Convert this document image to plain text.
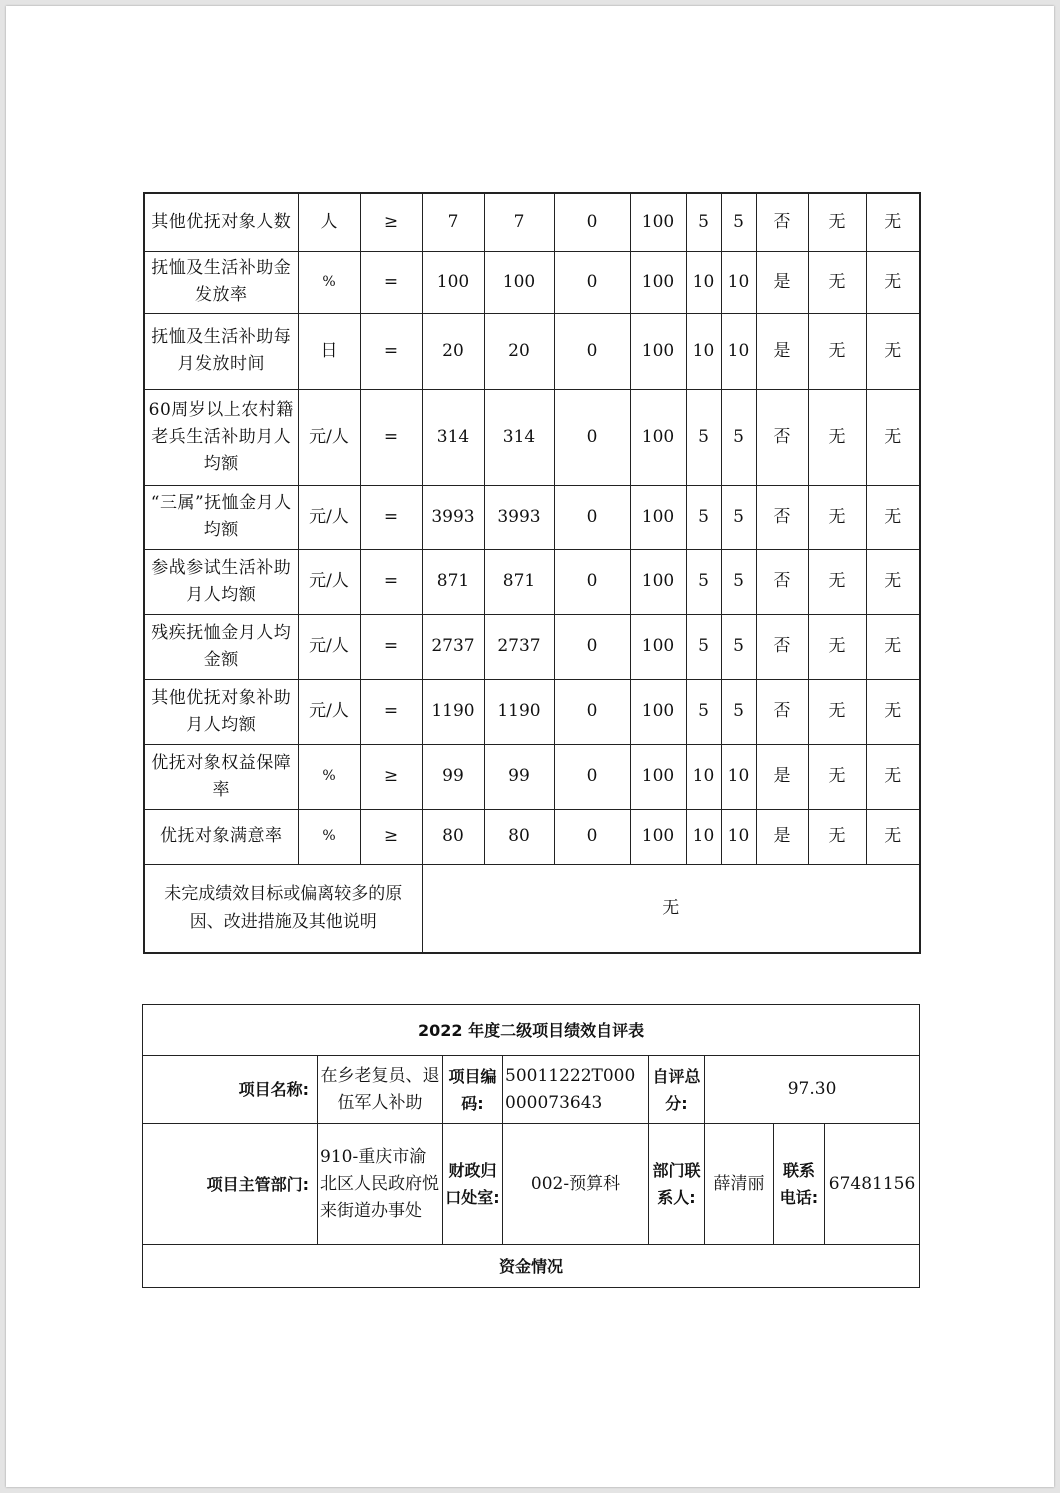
其他优抚对象人数	人	≥	7	7	0	100	5	5	否	无	无
抚恤及生活补助金发放率	%	=	100	100	0	100	10	10	是	无	无
抚恤及生活补助每月发放时间	日	=	20	20	0	100	10	10	是	无	无
60周岁以上农村籍老兵生活补助月人均额	元/人	=	314	314	0	100	5	5	否	无	无
“三属”抚恤金月人均额	元/人	=	3993	3993	0	100	5	5	否	无	无
参战参试生活补助月人均额	元/人	=	871	871	0	100	5	5	否	无	无
残疾抚恤金月人均金额	元/人	=	2737	2737	0	100	5	5	否	无	无
其他优抚对象补助月人均额	元/人	=	1190	1190	0	100	5	5	否	无	无
优抚对象权益保障率	%	≥	99	99	0	100	10	10	是	无	无
优抚对象满意率	%	≥	80	80	0	100	10	10	是	无	无
未完成绩效目标或偏离较多的原因、改进措施及其他说明			无								
2022 年度二级项目绩效自评表							
项目名称:	在乡老复员、退伍军人补助	项目编码:	50011222T000000073643	自评总分:	97.30		
项目主管部门:	910-重庆市渝北区人民政府悦来街道办事处	财政归口处室:	002-预算科	部门联系人:	薛清丽	联系电话:	67481156
资金情况							
